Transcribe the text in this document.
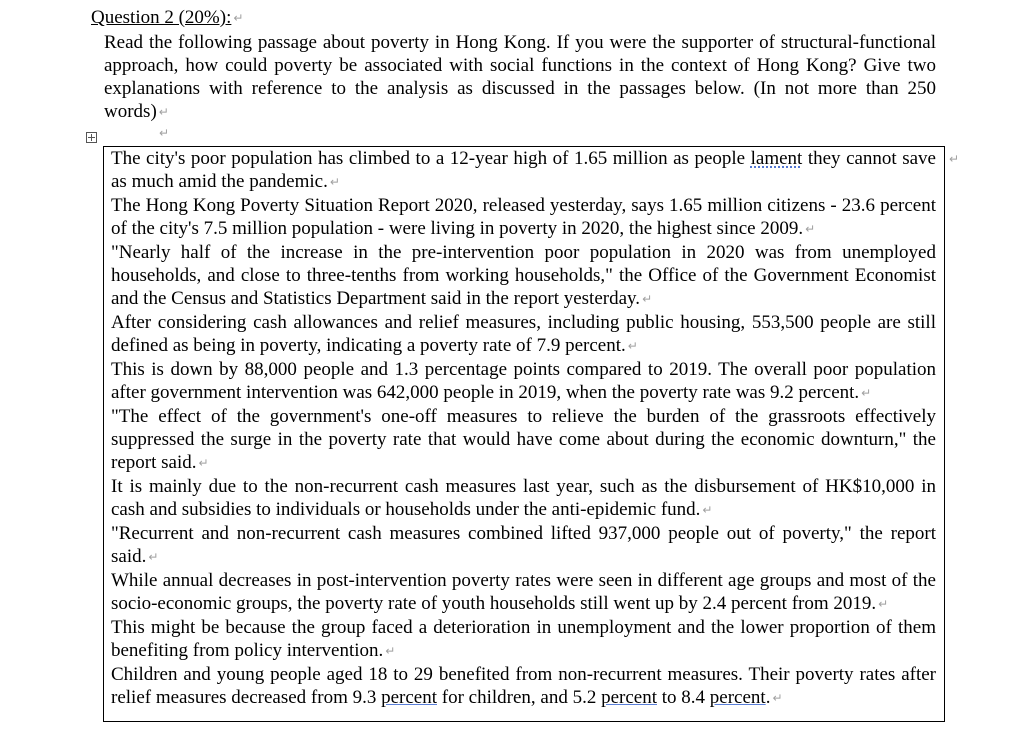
Question 2 (20%): ↵
Read the following passage about poverty in Hong Kong. If you were the supporter of structural-functional approach, how could poverty be associated with social functions in the context of Hong Kong? Give two explanations with reference to the analysis as discussed in the passages below. (In not more than 250 words) ↵
↵
↵

The city's poor population has climbed to a 12-year high of 1.65 million as people lament they cannot save as much amid the pandemic. ↵

The Hong Kong Poverty Situation Report 2020, released yesterday, says 1.65 million citizens - 23.6 percent of the city's 7.5 million population - were living in poverty in 2020, the highest since 2009. ↵

"Nearly half of the increase in the pre-intervention poor population in 2020 was from unemployed households, and close to three-tenths from working households," the Office of the Government Economist and the Census and Statistics Department said in the report yesterday. ↵

After considering cash allowances and relief measures, including public housing, 553,500 people are still defined as being in poverty, indicating a poverty rate of 7.9 percent. ↵

This is down by 88,000 people and 1.3 percentage points compared to 2019. The overall poor population after government intervention was 642,000 people in 2019, when the poverty rate was 9.2 percent. ↵

"The effect of the government's one-off measures to relieve the burden of the grassroots effectively suppressed the surge in the poverty rate that would have come about during the economic downturn," the report said. ↵

It is mainly due to the non-recurrent cash measures last year, such as the disbursement of HK$10,000 in cash and subsidies to individuals or households under the anti-epidemic fund. ↵

"Recurrent and non-recurrent cash measures combined lifted 937,000 people out of poverty," the report said. ↵

While annual decreases in post-intervention poverty rates were seen in different age groups and most of the socio-economic groups, the poverty rate of youth households still went up by 2.4 percent from 2019. ↵

This might be because the group faced a deterioration in unemployment and the lower proportion of them benefiting from policy intervention. ↵

Children and young people aged 18 to 29 benefited from non-recurrent measures. Their poverty rates after relief measures decreased from 9.3 percent for children, and 5.2 percent to 8.4 percent. ↵
